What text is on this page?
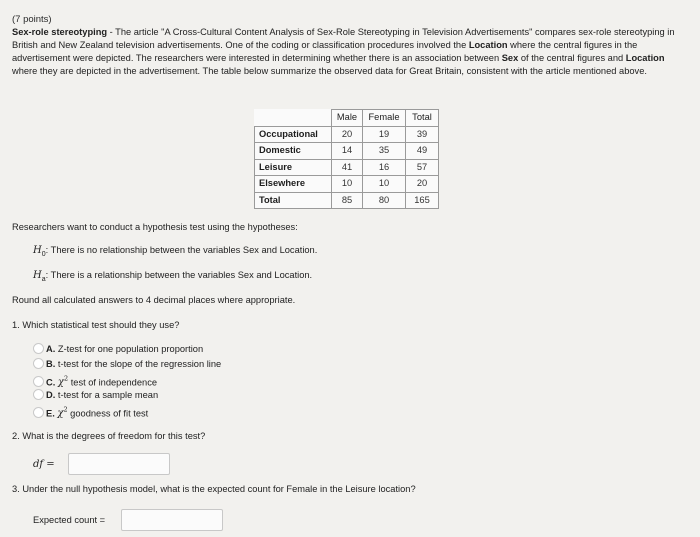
(7 points)
Sex-role stereotyping - The article "A Cross-Cultural Content Analysis of Sex-Role Stereotyping in Television Advertisements" compares sex-role stereotyping in British and New Zealand television advertisements. One of the coding or classification procedures involved the Location where the central figures in the advertisement were depicted. The researchers were interested in determining whether there is an association between Sex of the central figures and Location where they are depicted in the advertisement. The table below summarize the observed data for Great Britain, consistent with the article mentioned above.
	Male	Female	Total
Occupational	20	19	39
Domestic	14	35	49
Leisure	41	16	57
Elsewhere	10	10	20
Total	85	80	165
Researchers want to conduct a hypothesis test using the hypotheses:
$H_0$: There is no relationship between the variables Sex and Location.
$H_a$: There is a relationship between the variables Sex and Location.
Round all calculated answers to 4 decimal places where appropriate.
1. Which statistical test should they use?
A. Z-test for one population proportion
B. t-test for the slope of the regression line
C. $\chi^2$ test of independence
D. t-test for a sample mean
E. $\chi^2$ goodness of fit test
2. What is the degrees of freedom for this test?
df =
3. Under the null hypothesis model, what is the expected count for Female in the Leisure location?
Expected count =
